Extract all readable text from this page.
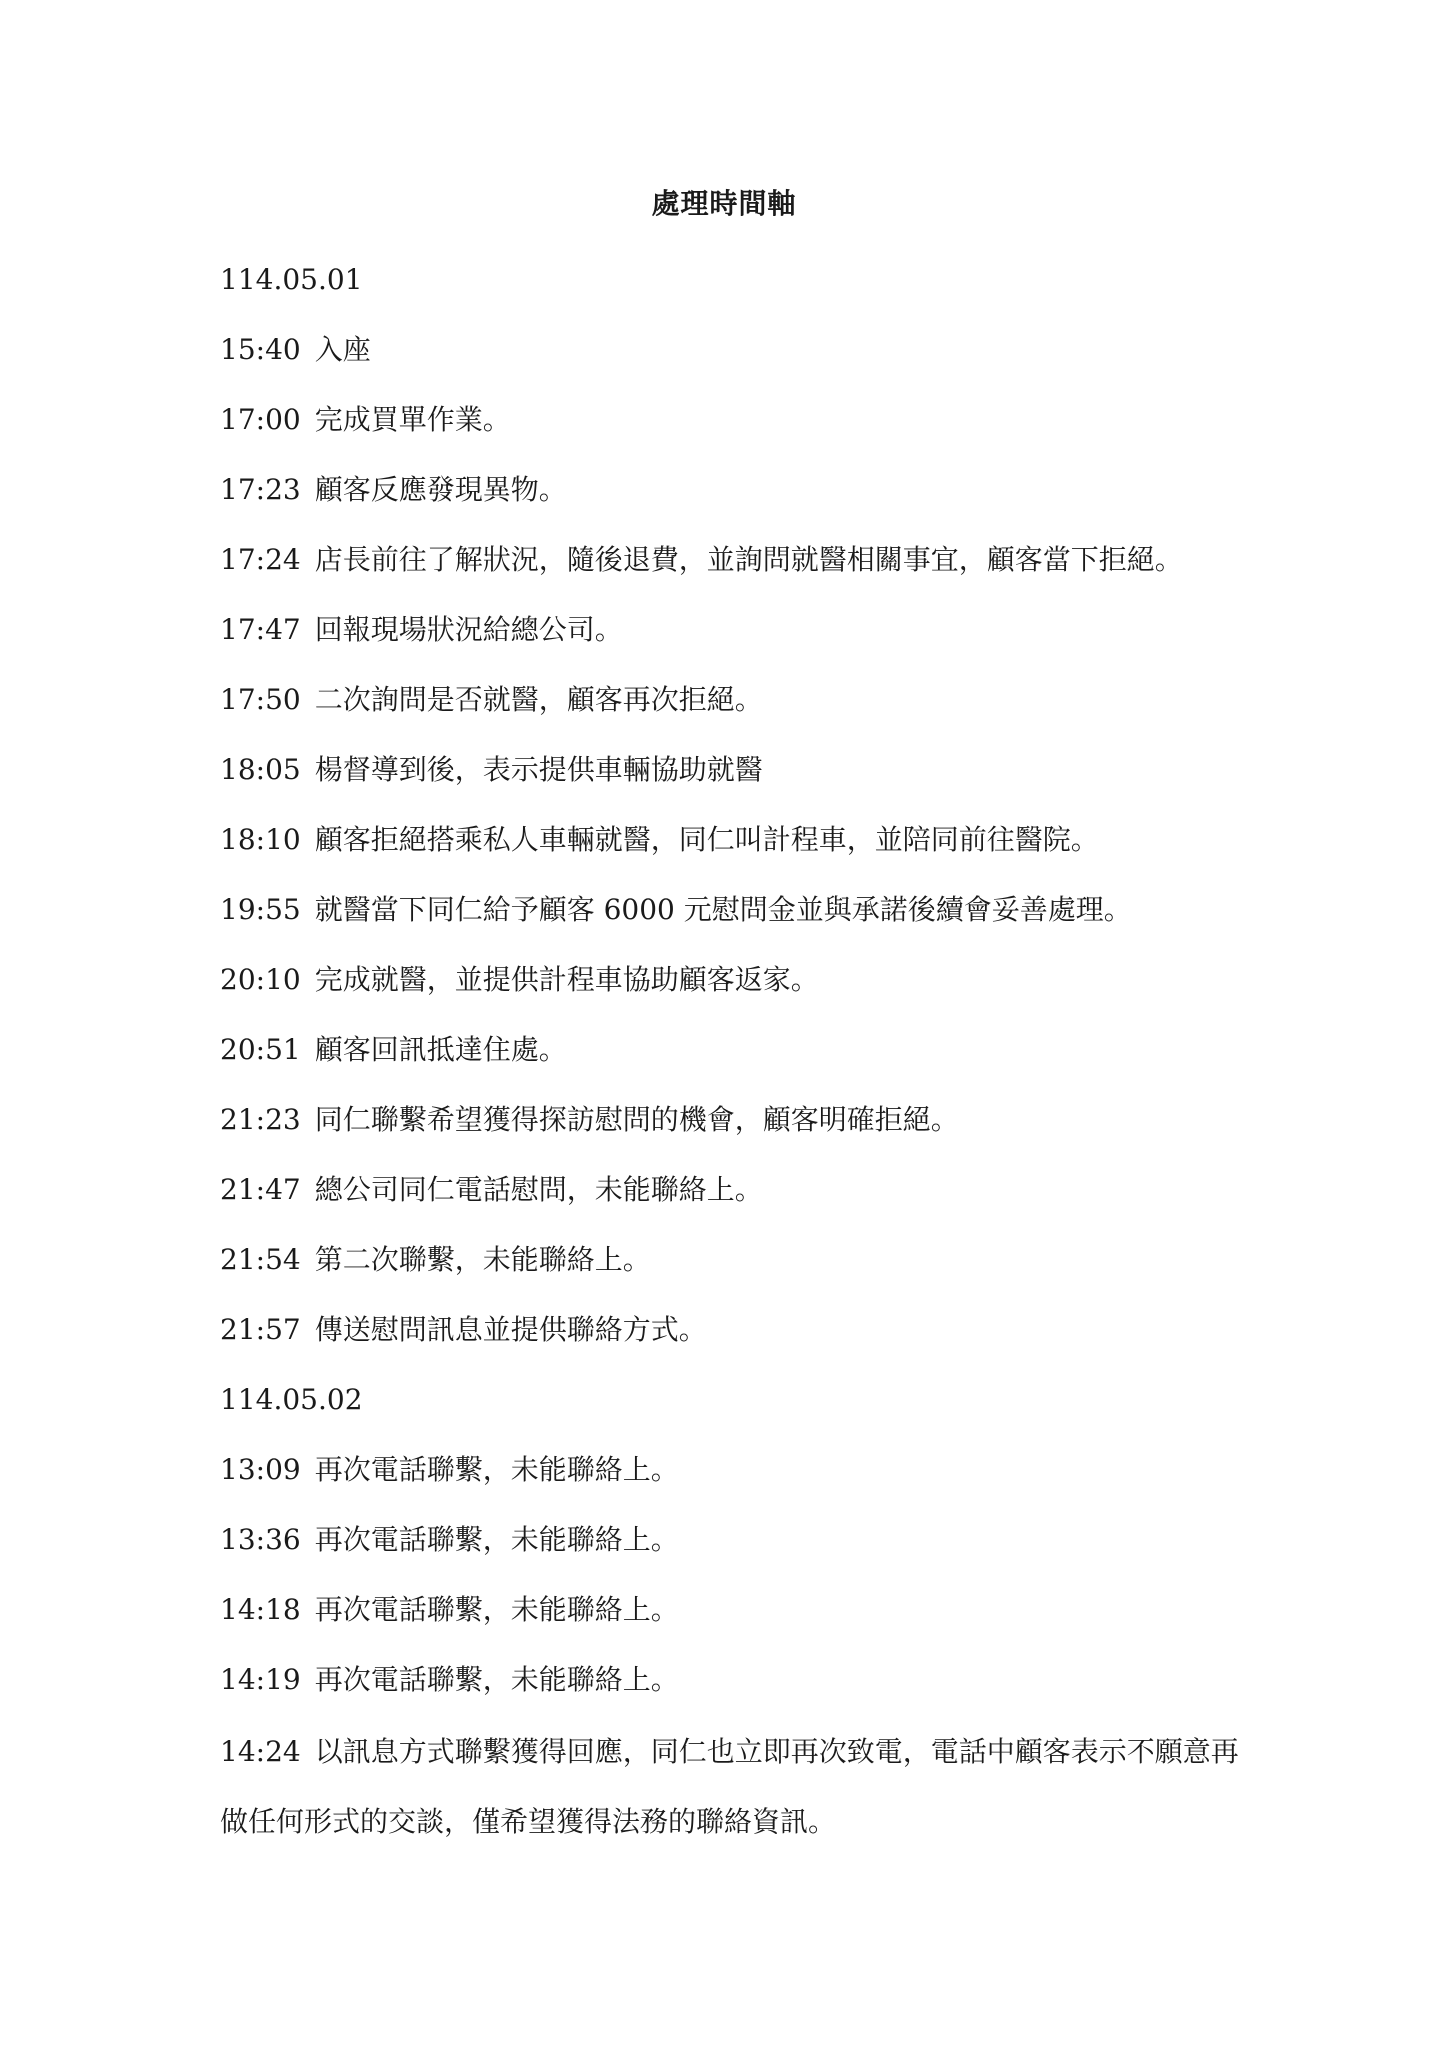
處理時間軸

114.05.01

15:40 入座

17:00 完成買單作業。

17:23 顧客反應發現異物。

17:24 店長前往了解狀況，隨後退費，並詢問就醫相關事宜，顧客當下拒絕。

17:47 回報現場狀況給總公司。

17:50 二次詢問是否就醫，顧客再次拒絕。

18:05 楊督導到後，表示提供車輛協助就醫

18:10 顧客拒絕搭乘私人車輛就醫，同仁叫計程車，並陪同前往醫院。

19:55 就醫當下同仁給予顧客 6000 元慰問金並與承諾後續會妥善處理。

20:10 完成就醫，並提供計程車協助顧客返家。

20:51 顧客回訊抵達住處。

21:23 同仁聯繫希望獲得探訪慰問的機會，顧客明確拒絕。

21:47 總公司同仁電話慰問，未能聯絡上。

21:54 第二次聯繫，未能聯絡上。

21:57 傳送慰問訊息並提供聯絡方式。

114.05.02

13:09 再次電話聯繫，未能聯絡上。

13:36 再次電話聯繫，未能聯絡上。

14:18 再次電話聯繫，未能聯絡上。

14:19 再次電話聯繫，未能聯絡上。

14:24 以訊息方式聯繫獲得回應，同仁也立即再次致電，電話中顧客表示不願意再做任何形式的交談，僅希望獲得法務的聯絡資訊。
